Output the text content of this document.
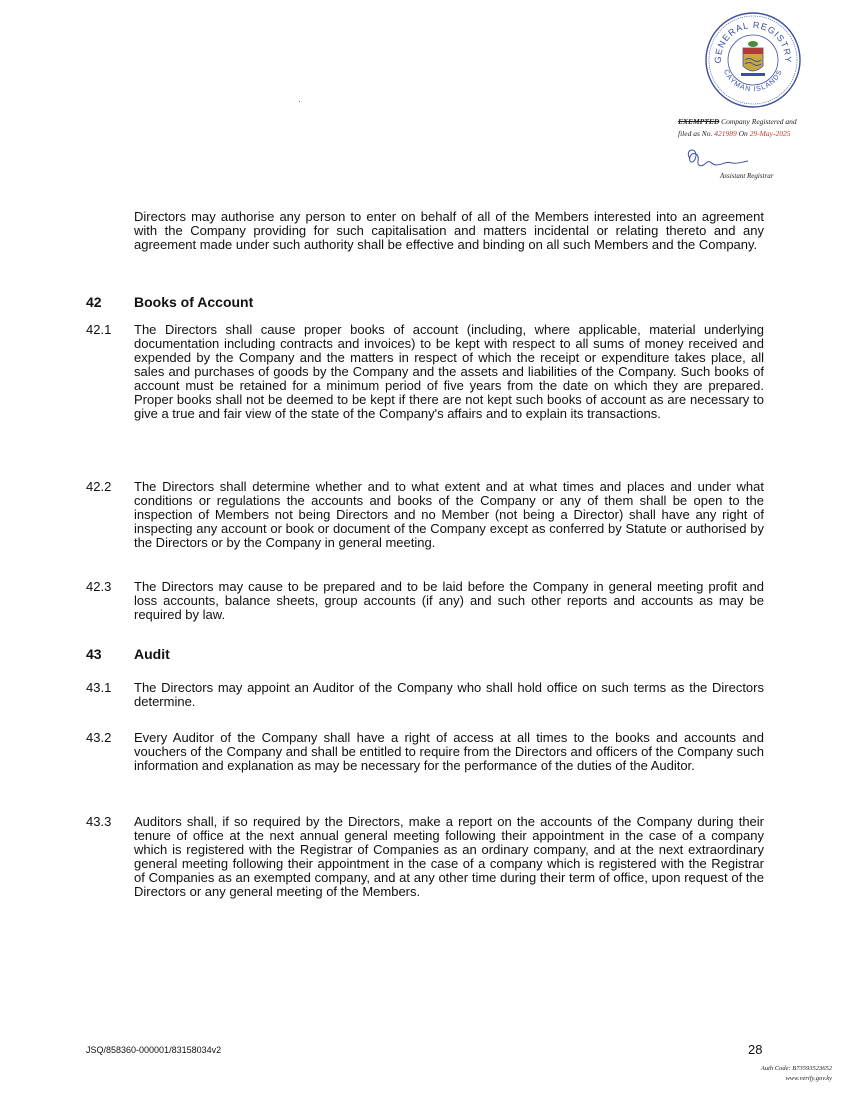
GENERAL REGISTRY
CAYMAN ISLANDS
EXEMPTED Company Registered and
filed as No. 421989 On 29-May-2025
Assistant Registrar

Directors may authorise any person to enter on behalf of all of the Members interested into an agreement with the Company providing for such capitalisation and matters incidental or relating thereto and any agreement made under such authority shall be effective and binding on all such Members and the Company.

42 Books of Account
42.1 The Directors shall cause proper books of account (including, where applicable, material underlying documentation including contracts and invoices) to be kept with respect to all sums of money received and expended by the Company and the matters in respect of which the receipt or expenditure takes place, all sales and purchases of goods by the Company and the assets and liabilities of the Company. Such books of account must be retained for a minimum period of five years from the date on which they are prepared. Proper books shall not be deemed to be kept if there are not kept such books of account as are necessary to give a true and fair view of the state of the Company's affairs and to explain its transactions.

42.2 The Directors shall determine whether and to what extent and at what times and places and under what conditions or regulations the accounts and books of the Company or any of them shall be open to the inspection of Members not being Directors and no Member (not being a Director) shall have any right of inspecting any account or book or document of the Company except as conferred by Statute or authorised by the Directors or by the Company in general meeting.

42.3 The Directors may cause to be prepared and to be laid before the Company in general meeting profit and loss accounts, balance sheets, group accounts (if any) and such other reports and accounts as may be required by law.

43 Audit
43.1 The Directors may appoint an Auditor of the Company who shall hold office on such terms as the Directors determine.

43.2 Every Auditor of the Company shall have a right of access at all times to the books and accounts and vouchers of the Company and shall be entitled to require from the Directors and officers of the Company such information and explanation as may be necessary for the performance of the duties of the Auditor.

43.3 Auditors shall, if so required by the Directors, make a report on the accounts of the Company during their tenure of office at the next annual general meeting following their appointment in the case of a company which is registered with the Registrar of Companies as an ordinary company, and at the next extraordinary general meeting following their appointment in the case of a company which is registered with the Registrar of Companies as an exempted company, and at any other time during their term of office, upon request of the Directors or any general meeting of the Members.

JSQ/858360-000001/83158034v2	28
Auth Code: B73593523652
www.verify.gov.ky
